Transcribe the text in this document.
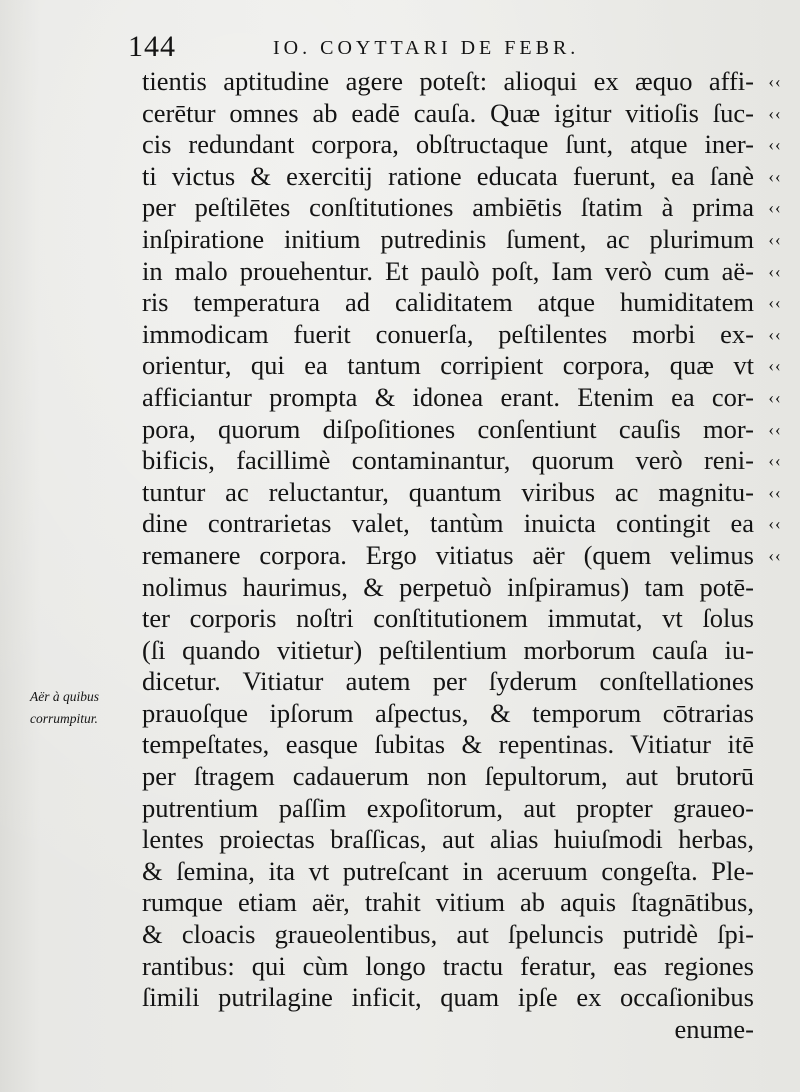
144	IO. COYTTARI DE FEBR.
Aër à quibus
corrumpitur.
tientis aptitudine agere poteſt: alioqui ex æquo affi-
cerētur omnes ab eadē cauſa. Quæ igitur vitioſis ſuc-
cis redundant corpora, obſtructaque ſunt, atque iner-
ti victus & exercitij ratione educata fuerunt, ea ſanè
per peſtilētes conſtitutiones ambiētis ſtatim à prima
inſpiratione initium putredinis ſument, ac plurimum
in malo prouehentur. Et paulò poſt, Iam verò cum aë-
ris temperatura ad caliditatem atque humiditatem
immodicam fuerit conuerſa, peſtilentes morbi ex-
orientur, qui ea tantum corripient corpora, quæ vt
afficiantur prompta & idonea erant. Etenim ea cor-
pora, quorum diſpoſitiones conſentiunt cauſis mor-
bificis, facillimè contaminantur, quorum verò reni-
tuntur ac reluctantur, quantum viribus ac magnitu-
dine contrarietas valet, tantùm inuicta contingit ea
remanere corpora. Ergo vitiatus aër (quem velimus
nolimus haurimus, & perpetuò inſpiramus) tam potē-
ter corporis noſtri conſtitutionem immutat, vt ſolus
(ſi quando vitietur) peſtilentium morborum cauſa iu-
dicetur. Vitiatur autem per ſyderum conſtellationes
prauoſque ipſorum aſpectus, & temporum cōtrarias
tempeſtates, easque ſubitas & repentinas. Vitiatur itē
per ſtragem cadauerum non ſepultorum, aut brutorū
putrentium paſſim expoſitorum, aut propter graueo-
lentes proiectas braſſicas, aut alias huiuſmodi herbas,
& ſemina, ita vt putreſcant in aceruum congeſta. Ple-
rumque etiam aër, trahit vitium ab aquis ſtagnātibus,
& cloacis graueolentibus, aut ſpeluncis putridè ſpi-
rantibus: qui cùm longo tractu feratur, eas regiones
ſimili putrilagine inficit, quam ipſe ex occaſionibus
enume-
‹‹
‹‹
‹‹
‹‹
‹‹
‹‹
‹‹
‹‹
‹‹
‹‹
‹‹
‹‹
‹‹
‹‹
‹‹
‹‹
